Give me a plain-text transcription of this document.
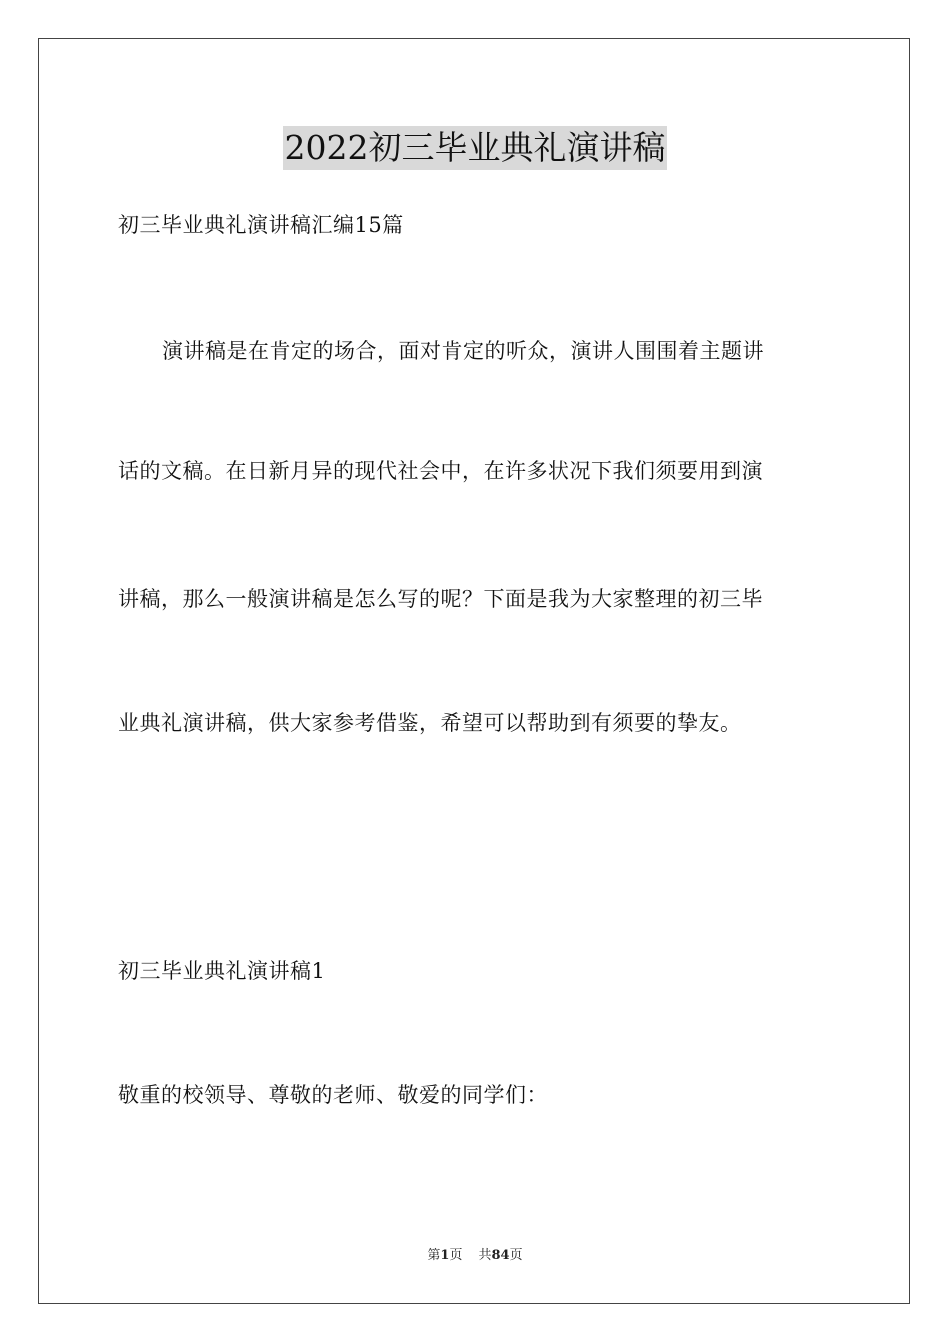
2022初三毕业典礼演讲稿
初三毕业典礼演讲稿汇编15篇
演讲稿是在肯定的场合，面对肯定的听众，演讲人围围着主题讲
话的文稿。在日新月异的现代社会中，在许多状况下我们须要用到演
讲稿，那么一般演讲稿是怎么写的呢？下面是我为大家整理的初三毕
业典礼演讲稿，供大家参考借鉴，希望可以帮助到有须要的挚友。
初三毕业典礼演讲稿1
敬重的校领导、尊敬的老师、敬爱的同学们：
第1页 共84页
